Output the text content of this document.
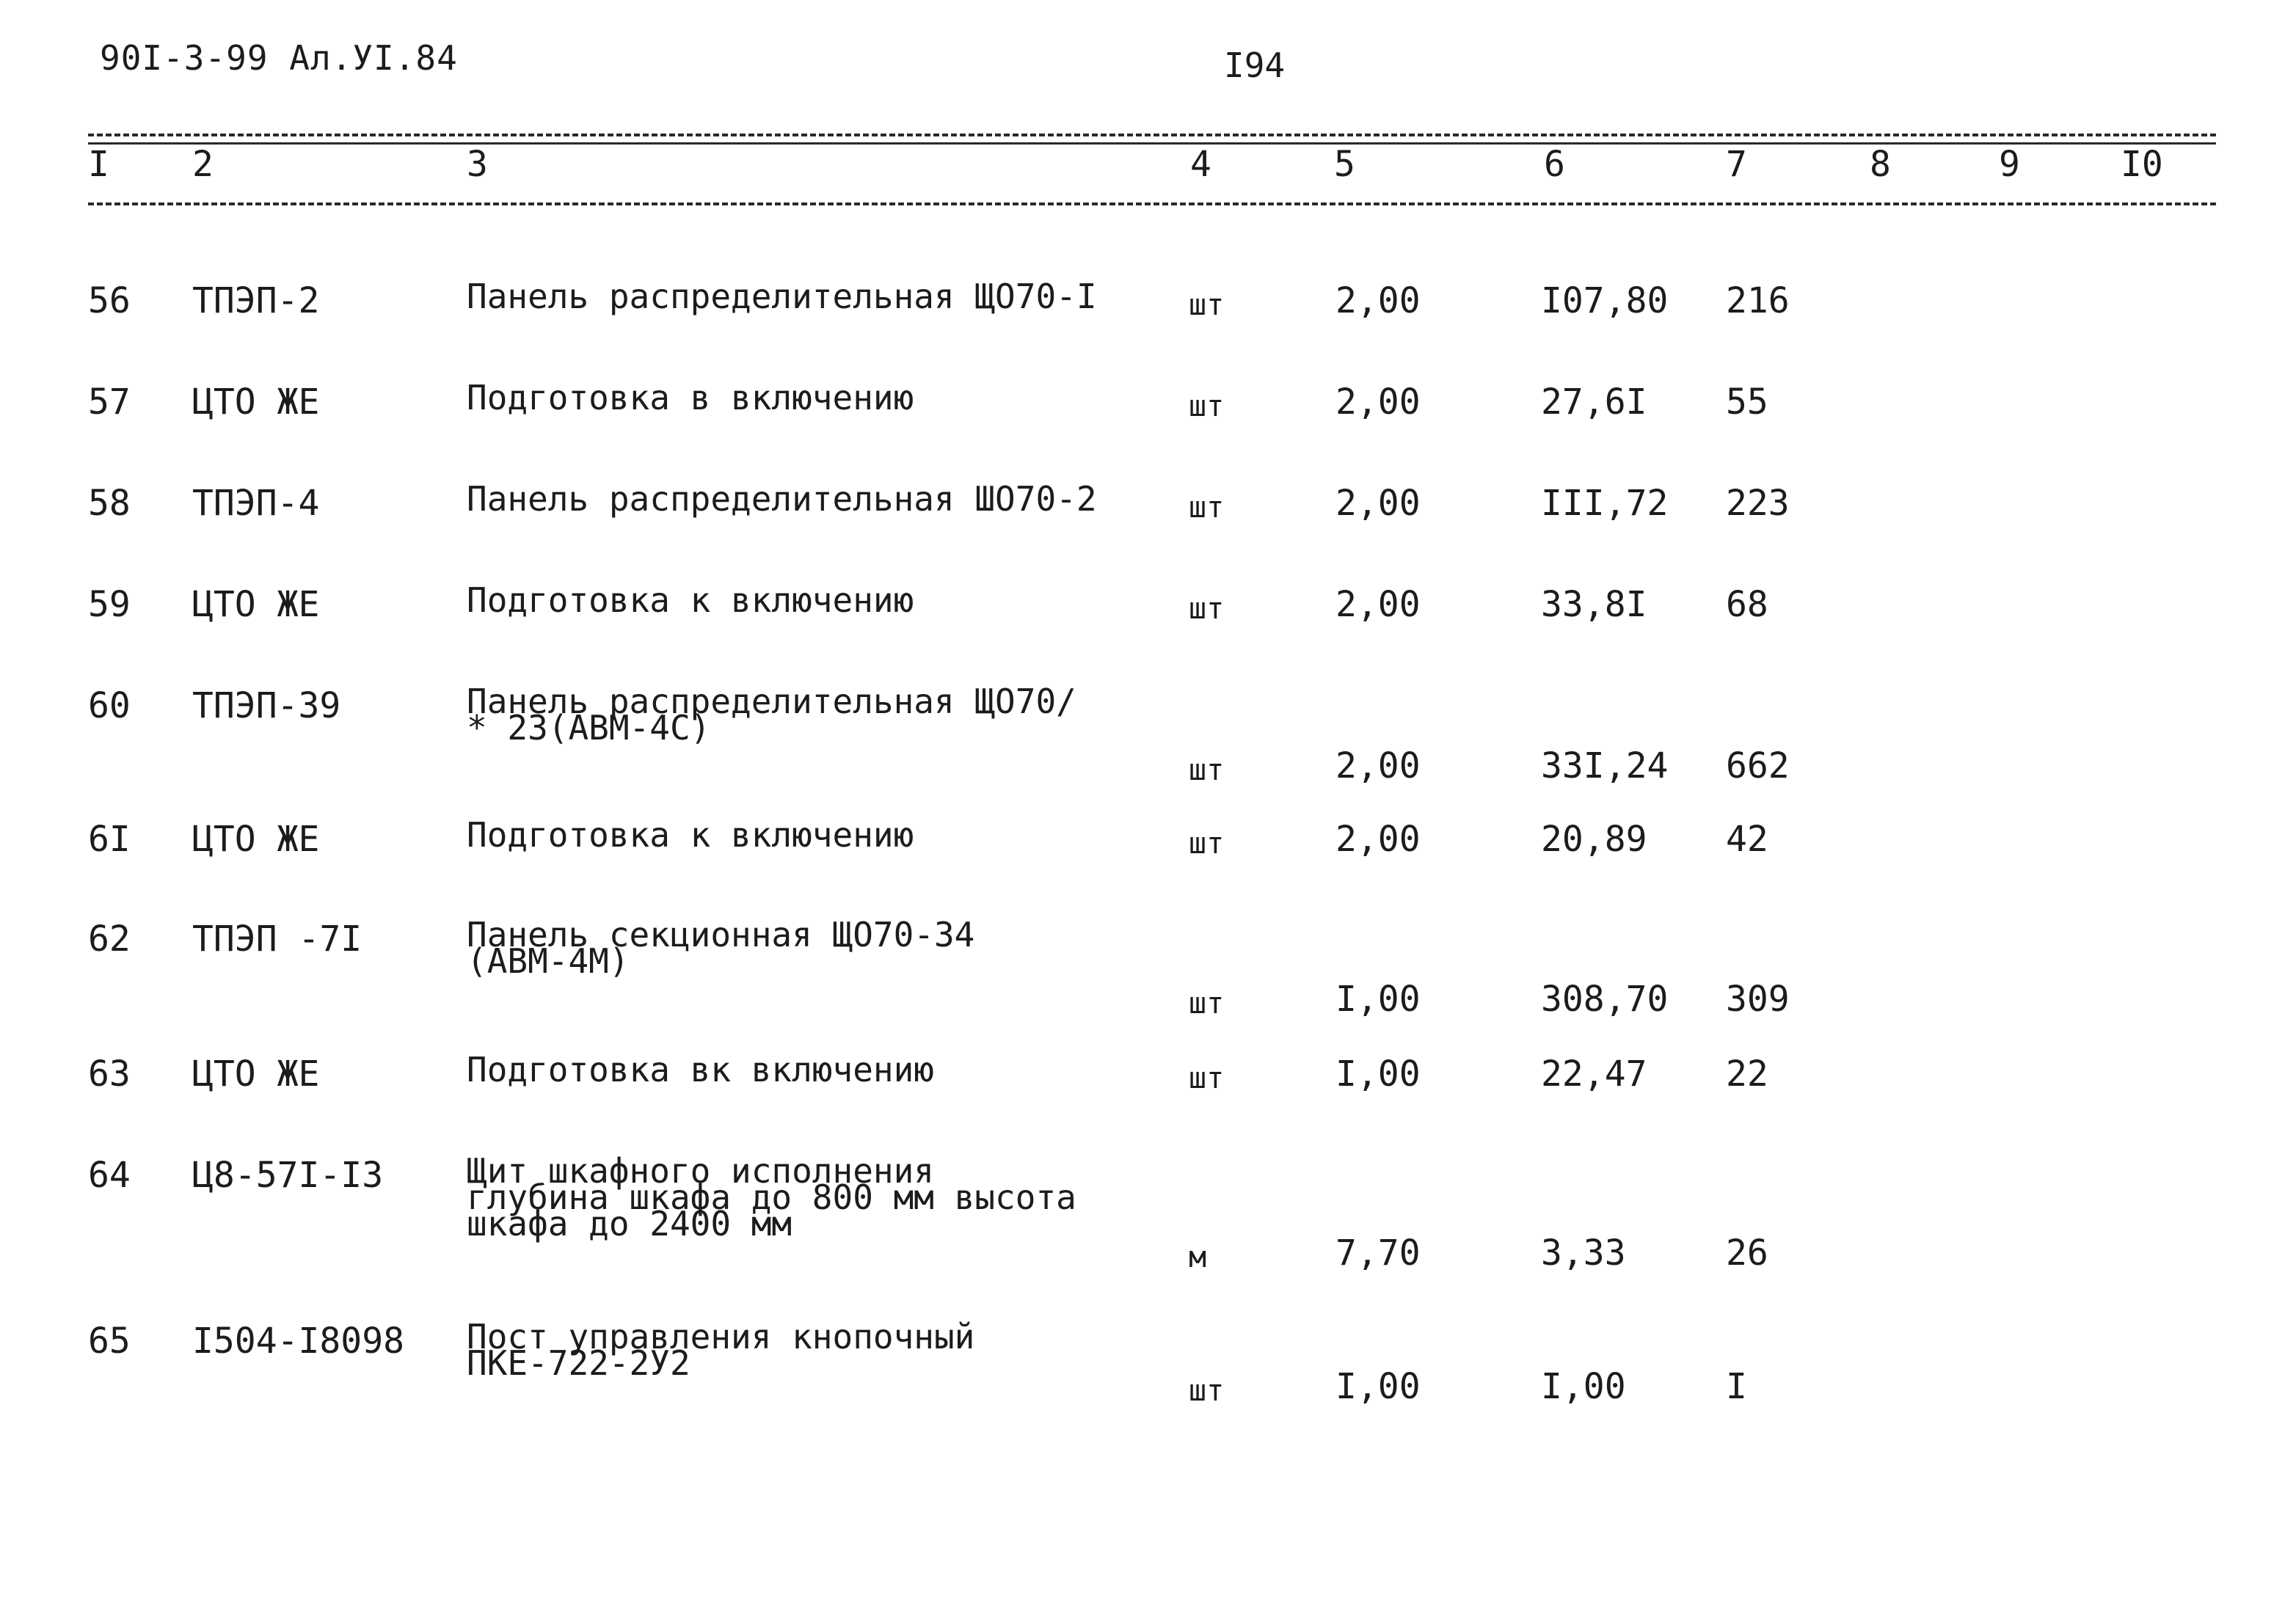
90I-3-99 Ал.УI.84	I94
I 2	3	4	5	6	7	8	9	I0
56 ТПЭП-2	Панель распределительная ЩО70-I	шт	2,00	I07,80 216
57 ЦТО ЖЕ	Подготовка в включению	шт	2,00	27,6I 55
58 ТПЭП-4	Панель распределительная ШО70-2	шт	2,00	III,72 223
59 ЦТО ЖЕ	Подготовка к включению	шт	2,00	33,8I 68
60 ТПЭП-39	Панель распределительная ЩО70/
* 23(АВМ-4С)
шт	2,00	33I,24 662
6I ЦТО ЖЕ	Подготовка к включению	шт	2,00	20,89 42
62 ТПЭП -7I	Панель секционная ЩО70-34
(АВМ-4М)
шт	I,00	308,70 309
63 ЦТО ЖЕ	Подготовка вк включению	шт	I,00	22,47 22
64 Ц8-57I-I3 Щит шкафного исполнения
глубина шкафа до 800 мм высота
шкафа до 2400 мм
м	7,70	3,33	26
65 I504-I8098 Пост управления кнопочный
ПКЕ-722-2У2
шт	I,00	I,00	I
